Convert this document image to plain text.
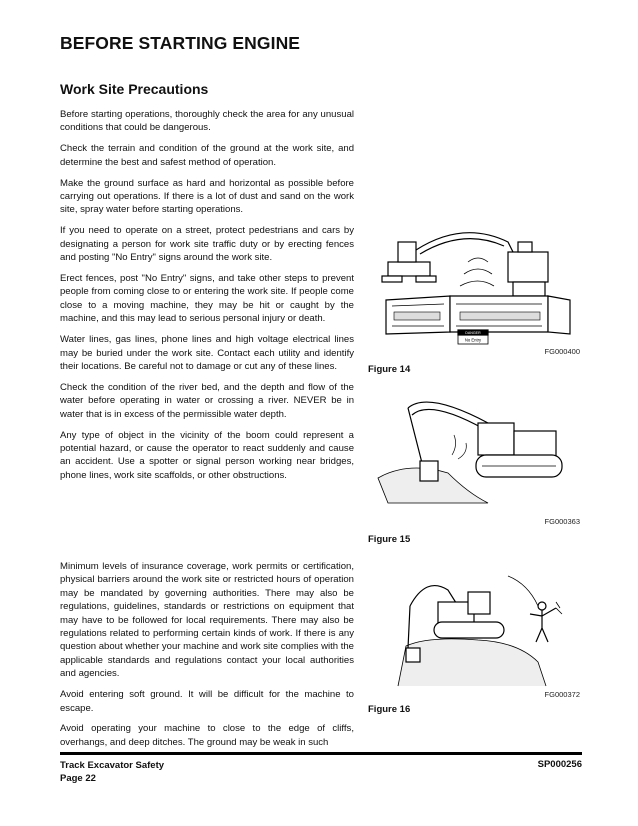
BEFORE STARTING ENGINE
Work Site Precautions

Before starting operations, thoroughly check the area for any unusual conditions that could be dangerous.

Check the terrain and condition of the ground at the work site, and determine the best and safest method of operation.

Make the ground surface as hard and horizontal as possible before carrying out operations. If there is a lot of dust and sand on the work site, spray water before starting operations.

If you need to operate on a street, protect pedestrians and cars by designating a person for work site traffic duty or by erecting fences and posting "No Entry" signs around the work site.

Erect fences, post "No Entry" signs, and take other steps to prevent people from coming close to or entering the work site. If people come close to a moving machine, they may be hit or caught by the machine, and this may lead to serious personal injury or death.

Water lines, gas lines, phone lines and high voltage electrical lines may be buried under the work site. Contact each utility and identify their locations. Be careful not to damage or cut any of these lines.

Check the condition of the river bed, and the depth and flow of the water before operating in water or crossing a river. NEVER be in water that is in excess of the permissible water depth.

Any type of object in the vicinity of the boom could represent a potential hazard, or cause the operator to react suddenly and cause an accident. Use a spotter or signal person working near bridges, phone lines, work site scaffolds, or other obstructions.

Minimum levels of insurance coverage, work permits or certification, physical barriers around the work site or restricted hours of operation may be mandated by governing authorities. There may also be regulations, guidelines, standards or restrictions on equipment that may have to be followed for local requirements. There may also be regulations related to performing certain kinds of work. If there is any question about whether your machine and work site complies with the applicable standards and regulations contact your local authorities and agencies.

Avoid entering soft ground. It will be difficult for the machine to escape.

Avoid operating your machine to close to the edge of cliffs, overhangs, and deep ditches. The ground may be weak in such

DANGER
No Entry
FG000400
Figure 14
FG000363
Figure 15
FG000372
Figure 16
Track Excavator Safety
Page 22
SP000256
